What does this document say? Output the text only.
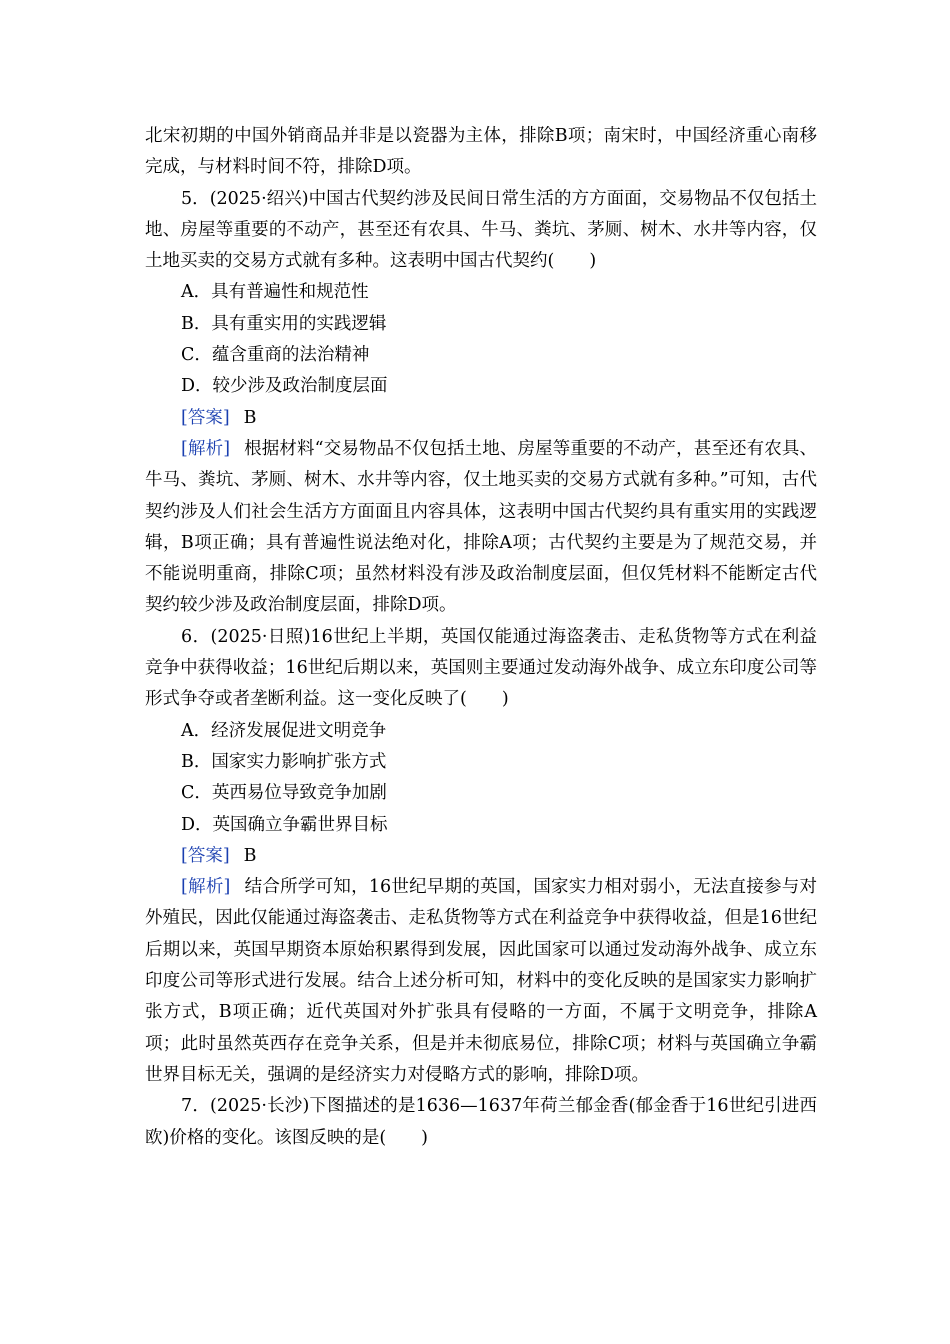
北宋初期的中国外销商品并非是以瓷器为主体，排除B项；南宋时，中国经济重心南移完成，与材料时间不符，排除D项。

5．(2025·绍兴)中国古代契约涉及民间日常生活的方方面面，交易物品不仅包括土地、房屋等重要的不动产，甚至还有农具、牛马、粪坑、茅厕、树木、水井等内容，仅土地买卖的交易方式就有多种。这表明中国古代契约(　　)

A．具有普遍性和规范性

B．具有重实用的实践逻辑

C．蕴含重商的法治精神

D．较少涉及政治制度层面

[答案] B

[解析] 根据材料“交易物品不仅包括土地、房屋等重要的不动产，甚至还有农具、牛马、粪坑、茅厕、树木、水井等内容，仅土地买卖的交易方式就有多种。”可知，古代契约涉及人们社会生活方方面面且内容具体，这表明中国古代契约具有重实用的实践逻辑，B项正确；具有普遍性说法绝对化，排除A项；古代契约主要是为了规范交易，并不能说明重商，排除C项；虽然材料没有涉及政治制度层面，但仅凭材料不能断定古代契约较少涉及政治制度层面，排除D项。

6．(2025·日照)16世纪上半期，英国仅能通过海盗袭击、走私货物等方式在利益竞争中获得收益；16世纪后期以来，英国则主要通过发动海外战争、成立东印度公司等形式争夺或者垄断利益。这一变化反映了(　　)

A．经济发展促进文明竞争

B．国家实力影响扩张方式

C．英西易位导致竞争加剧

D．英国确立争霸世界目标

[答案] B

[解析] 结合所学可知，16世纪早期的英国，国家实力相对弱小，无法直接参与对外殖民，因此仅能通过海盗袭击、走私货物等方式在利益竞争中获得收益，但是16世纪后期以来，英国早期资本原始积累得到发展，因此国家可以通过发动海外战争、成立东印度公司等形式进行发展。结合上述分析可知，材料中的变化反映的是国家实力影响扩张方式，B项正确；近代英国对外扩张具有侵略的一方面，不属于文明竞争，排除A项；此时虽然英西存在竞争关系，但是并未彻底易位，排除C项；材料与英国确立争霸世界目标无关，强调的是经济实力对侵略方式的影响，排除D项。

7．(2025·长沙)下图描述的是1636—1637年荷兰郁金香(郁金香于16世纪引进西欧)价格的变化。该图反映的是(　　)
